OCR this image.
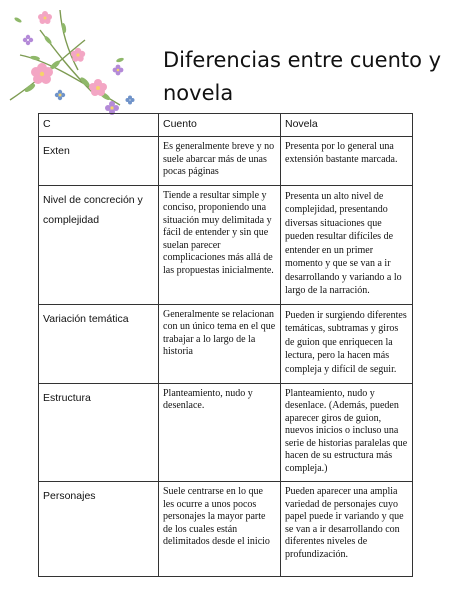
Diferencias entre cuento y novela
C	Cuento	Novela
Exten	Es generalmente breve y no suele abarcar más de unas pocas páginas	Presenta por lo general una extensión bastante marcada.
Nivel de concreción y complejidad	Tiende a resultar simple y conciso, proponiendo una situación muy delimitada y fácil de entender y sin que suelan parecer complicaciones más allá de las propuestas inicialmente.	Presenta un alto nivel de complejidad, presentando diversas situaciones que pueden resultar difíciles de entender en un primer momento y que se van a ir desarrollando y variando a lo largo de la narración.
Variación temática	Generalmente se relacionan con un único tema en el que trabajar a lo largo de la historia	Pueden ir surgiendo diferentes temáticas, subtramas y giros de guion que enriquecen la lectura, pero la hacen más compleja y difícil de seguir.
Estructura	Planteamiento, nudo y desenlace.	Planteamiento, nudo y desenlace. (Además, pueden aparecer giros de guion, nuevos inicios o incluso una serie de historias paralelas que hacen de su estructura más compleja.)
Personajes	Suele centrarse en lo que les ocurre a unos pocos personajes la mayor parte de los cuales están delimitados desde el inicio	Pueden aparecer una amplia variedad de personajes cuyo papel puede ir variando y que se van a ir desarrollando con diferentes niveles de profundización.
